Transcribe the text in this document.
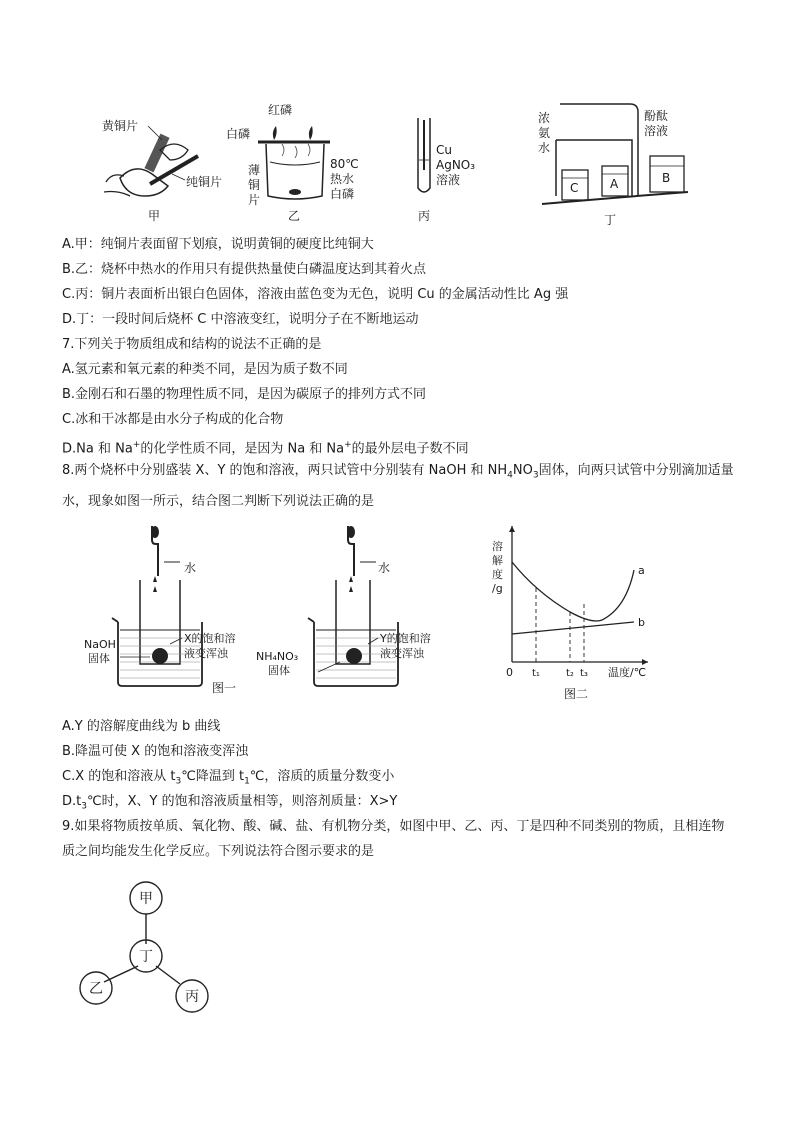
黄铜片
纯铜片
甲
红磷
白磷
薄
铜
片
80℃
热水
白磷
乙
Cu
AgNO₃
溶液
丙
C	A	B
浓
氨
水
酚酞
溶液
丁
A.甲：纯铜片表面留下划痕，说明黄铜的硬度比纯铜大
B.乙：烧杯中热水的作用只有提供热量使白磷温度达到其着火点
C.丙：铜片表面析出银白色固体，溶液由蓝色变为无色，说明 Cu 的金属活动性比 Ag 强
D.丁：一段时间后烧杯 C 中溶液变红，说明分子在不断地运动
7.下列关于物质组成和结构的说法不正确的是
A.氢元素和氧元素的种类不同，是因为质子数不同
B.金刚石和石墨的物理性质不同，是因为碳原子的排列方式不同
C.冰和干冰都是由水分子构成的化合物
D.Na 和 Na+的化学性质不同，是因为 Na 和 Na+的最外层电子数不同
8.两个烧杯中分别盛装 X、Y 的饱和溶液，两只试管中分别装有 NaOH 和 $NH_4NO_3$固体，向两只试管中分别滴加适量水，现象如图一所示，结合图二判断下列说法正确的是
水
NaOH
固体
X的饱和溶
液变浑浊
水
NH₄NO₃
固体
Y的饱和溶
液变浑浊
图一
溶
解
度
/g
a
b
0 t₁	t₂ t₃ 温度/℃
图二
A.Y 的溶解度曲线为 b 曲线
B.降温可使 X 的饱和溶液变浑浊
C.X 的饱和溶液从 $t_3℃$降温到 $t_1℃$，溶质的质量分数变小
$D.t_3℃$时，X、Y 的饱和溶液质量相等，则溶剂质量：X>Y
9.如果将物质按单质、氧化物、酸、碱、盐、有机物分类，如图中甲、乙、丙、丁是四种不同类别的物质，且相连物质之间均能发生化学反应。下列说法符合图示要求的是
甲
丁
乙	丙
